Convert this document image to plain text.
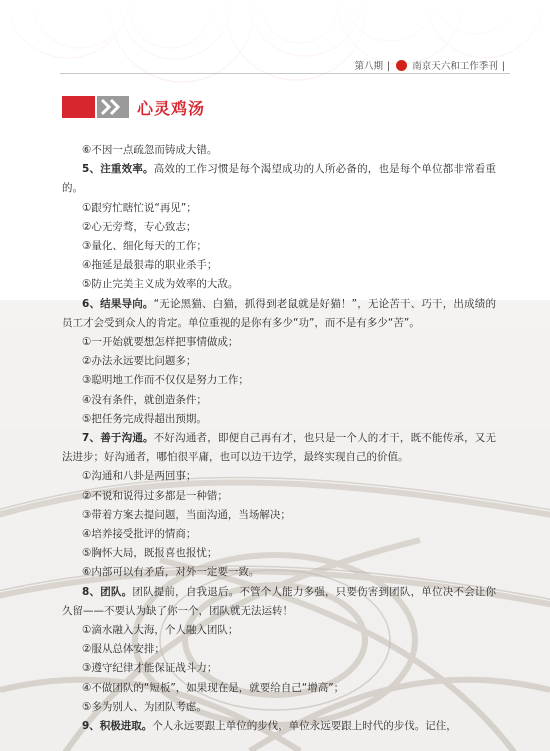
第八期 | 南京天六和工作季刊 |
心灵鸡汤

⑥不因一点疏忽而铸成大错。

5、注重效率。高效的工作习惯是每个渴望成功的人所必备的，也是每个单位都非常看重的。

①跟穷忙瞎忙说“再见”；

②心无旁骛，专心致志；

③量化、细化每天的工作；

④拖延是最狠毒的职业杀手；

⑤防止完美主义成为效率的大敌。

6、结果导向。“无论黑猫、白猫，抓得到老鼠就是好猫！”，无论苦干、巧干，出成绩的员工才会受到众人的肯定。单位重视的是你有多少“功”，而不是有多少“苦”。

①一开始就要想怎样把事情做成；

②办法永远要比问题多；

③聪明地工作而不仅仅是努力工作；

④没有条件，就创造条件；

⑤把任务完成得超出预期。

7、善于沟通。不好沟通者，即便自己再有才，也只是一个人的才干，既不能传承，又无法进步；好沟通者，哪怕很平庸，也可以边干边学，最终实现自己的价值。

①沟通和八卦是两回事；

②不说和说得过多都是一种错；

③带着方案去提问题，当面沟通，当场解决；

④培养接受批评的情商；

⑤胸怀大局，既报喜也报忧；

⑥内部可以有矛盾，对外一定要一致。

8、团队。团队提前，自我退后。不管个人能力多强，只要伤害到团队，单位决不会让你久留——不要认为缺了你一个，团队就无法运转！

①滴水融入大海，个人融入团队；

②服从总体安排；

③遵守纪律才能保证战斗力；

④不做团队的“短板”，如果现在是，就要给自己“增高”；

⑤多为别人、为团队考虑。

9、积极进取。个人永远要跟上单位的步伐，单位永远要跟上时代的步伐。记住，
